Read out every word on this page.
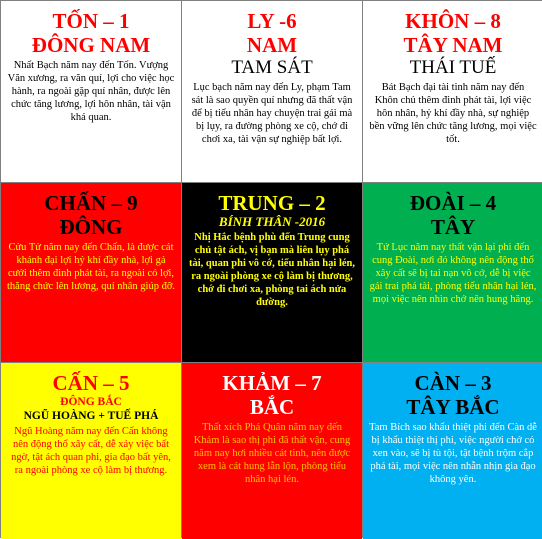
TỐN – 1
ĐÔNG NAM
Nhất Bạch năm nay đến Tốn. Vượng Văn xương, ra văn quí, lợi cho việc học hành, ra ngoài gặp quí nhân, được lên chức tăng lương, lợi hôn nhân, tài vận khá quan.
LY -6
NAM
TAM SÁT
Lục bạch năm nay đến Ly, phạm Tam sát là sao quyền quí nhưng đã thất vận để bị tiểu nhân hay chuyện trai gái mà bị lụy, ra đường phòng xe cộ, chớ đi chơi xa, tài vận sự nghiệp bất lợi.
KHÔN – 8
TÂY NAM
THÁI TUẾ
Bát Bạch đại tài tinh năm nay đến Khôn chủ thêm đinh phát tài, lợi việc hôn nhân, hỷ khí đầy nhà, sự nghiệp bền vững lên chức tăng lương, mọi việc tốt.
CHẤN – 9
ĐÔNG
Cửu Tử năm nay đến Chấn, là được cát khánh đại lợi hỷ khí đầy nhà, lợi gả cưới thêm đinh phát tài, ra ngoài có lợi, thăng chức lên lương, quí nhân giúp đỡ.
TRUNG – 2
BÍNH THÂN -2016
Nhị Hắc bệnh phù đến Trung cung chủ tật ách, vị bạn mà liên lụy phá tài, quan phi vô cớ, tiểu nhân hại lén, ra ngoài phòng xe cộ làm bị thương, chớ đi chơi xa, phòng tai ách nửa đường.
ĐOÀI – 4
TÂY
Tứ Lục năm nay thất vận lại phi đến cung Đoài, nơi đó không nên động thổ xây cất sẽ bị tai nạn vô cớ, dễ bị việc gái trai phá tài, phòng tiểu nhân hại lén, mọi việc nên nhìn chớ nên hung hăng.
CẤN – 5
ĐÔNG BẮC
NGŨ HOÀNG + TUẾ PHÁ
Ngũ Hoàng năm nay đến Cấn không nên động thổ xây cất, dễ xảy việc bất ngờ, tật ách quan phi, gia đạo bất yên, ra ngoài phòng xe cộ làm bị thương.
KHẢM – 7
BẮC
Thất xích Phá Quân năm nay đến Khảm là sao thị phi đã thất vận, cung năm nay hơi nhiều cát tinh, nên được xem là cát hung lẫn lộn, phòng tiểu nhân hại lén.
CÀN – 3
TÂY BẮC
Tam Bích sao khẩu thiệt phi đến Càn dễ bị khẩu thiệt thị phi, việc người chớ có xen vào, sẽ bị tù tội, tật bệnh trộm cắp phá tài, mọi việc nên nhẫn nhịn gia đạo không yên.
